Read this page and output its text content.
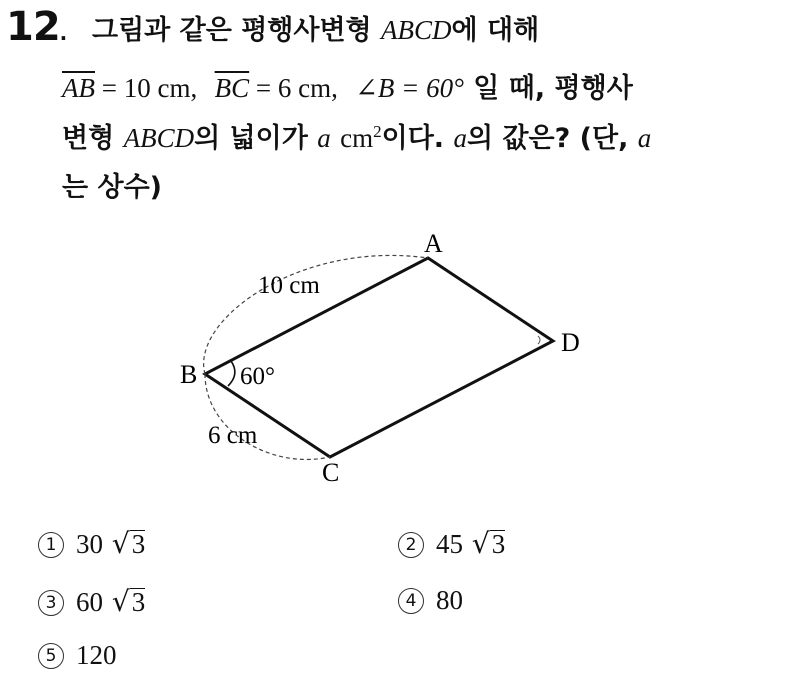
12. 그림과 같은 평행사변형 ABCD에 대해
$\overline{AB} = 10$ cm, $\overline{BC} = 6$ cm, ∠B = 60° 일 때, 평행사
변형 ABCD의 넓이가 a $cm^2$이다. a의 값은? (단, a
는 상수)
A
B
C
D
10 cm
6 cm
60°
1 30 √3	2 45 √3
3 60 √3	4 80
5 120
